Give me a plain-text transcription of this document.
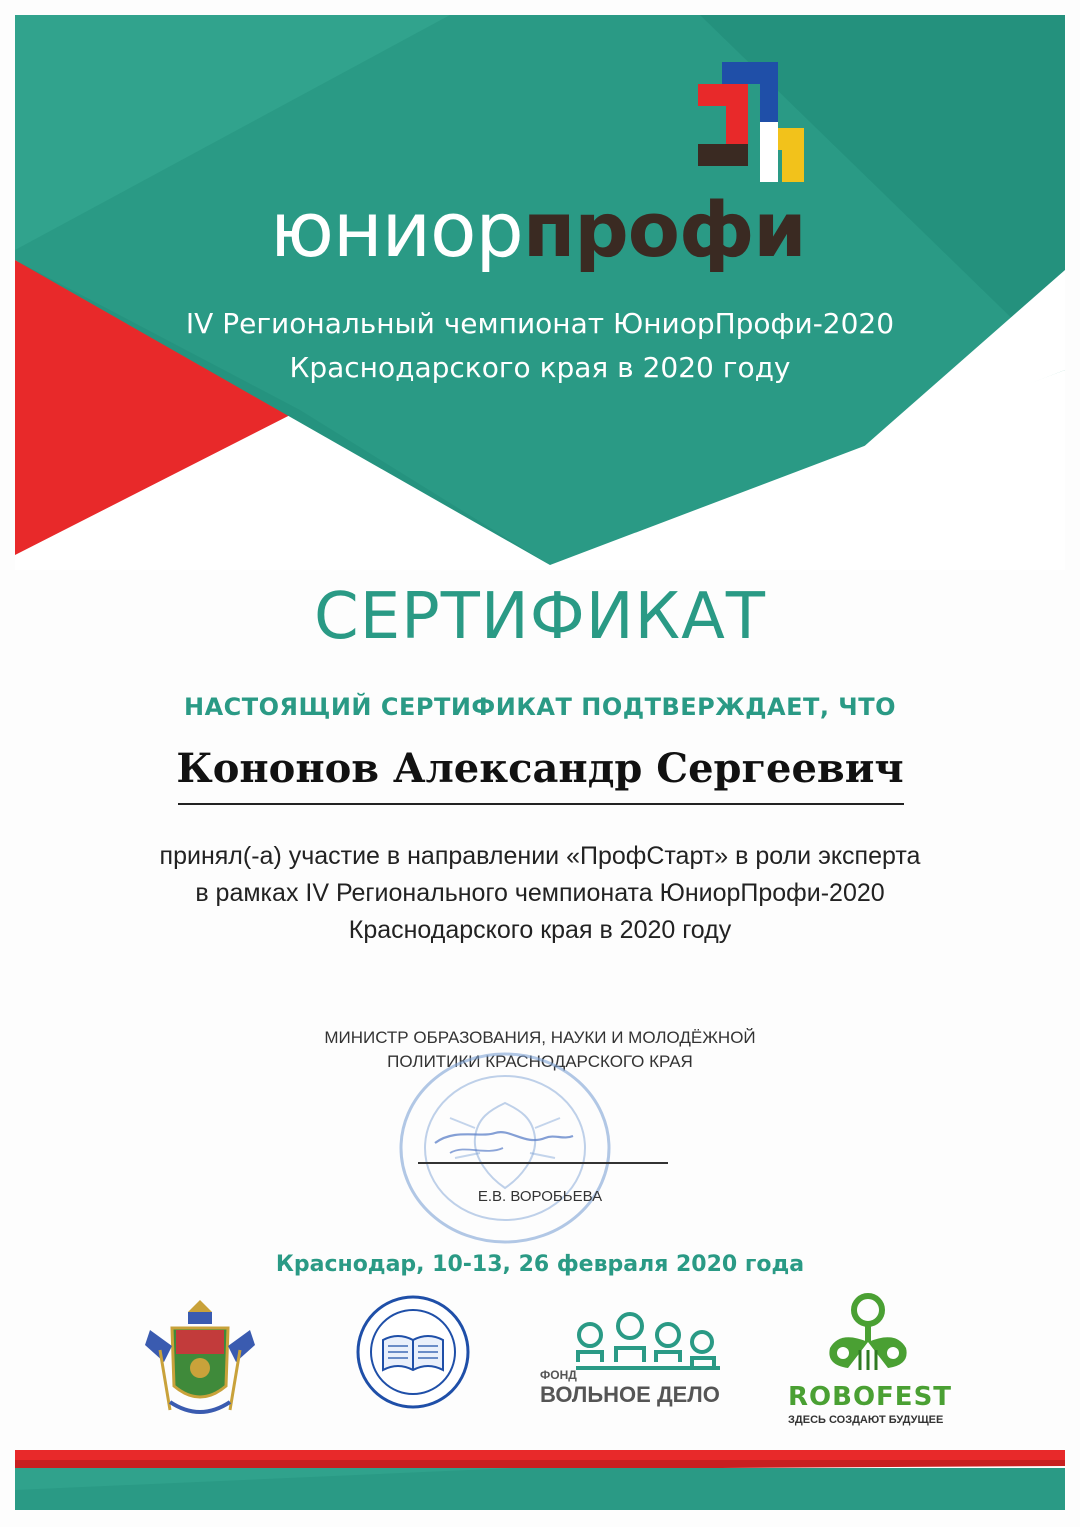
юниорпрофи
IV Региональный чемпионат ЮниорПрофи-2020
Краснодарского края в 2020 году
СЕРТИФИКАТ
НАСТОЯЩИЙ СЕРТИФИКАТ ПОДТВЕРЖДАЕТ, ЧТО
Кононов Александр Сергеевич
принял(-а) участие в направлении «ПрофСтарт» в роли эксперта
в рамках IV Регионального чемпионата ЮниорПрофи-2020
Краснодарского края в 2020 году
МИНИСТР ОБРАЗОВАНИЯ, НАУКИ И МОЛОДЁЖНОЙ
ПОЛИТИКИ КРАСНОДАРСКОГО КРАЯ
Е.В. ВОРОБЬЕВА
Краснодар, 10-13, 26 февраля 2020 года
ФОНД
ВОЛЬНОЕ ДЕЛО	ROBOFEST
ЗДЕСЬ СОЗДАЮТ БУДУЩЕЕ
